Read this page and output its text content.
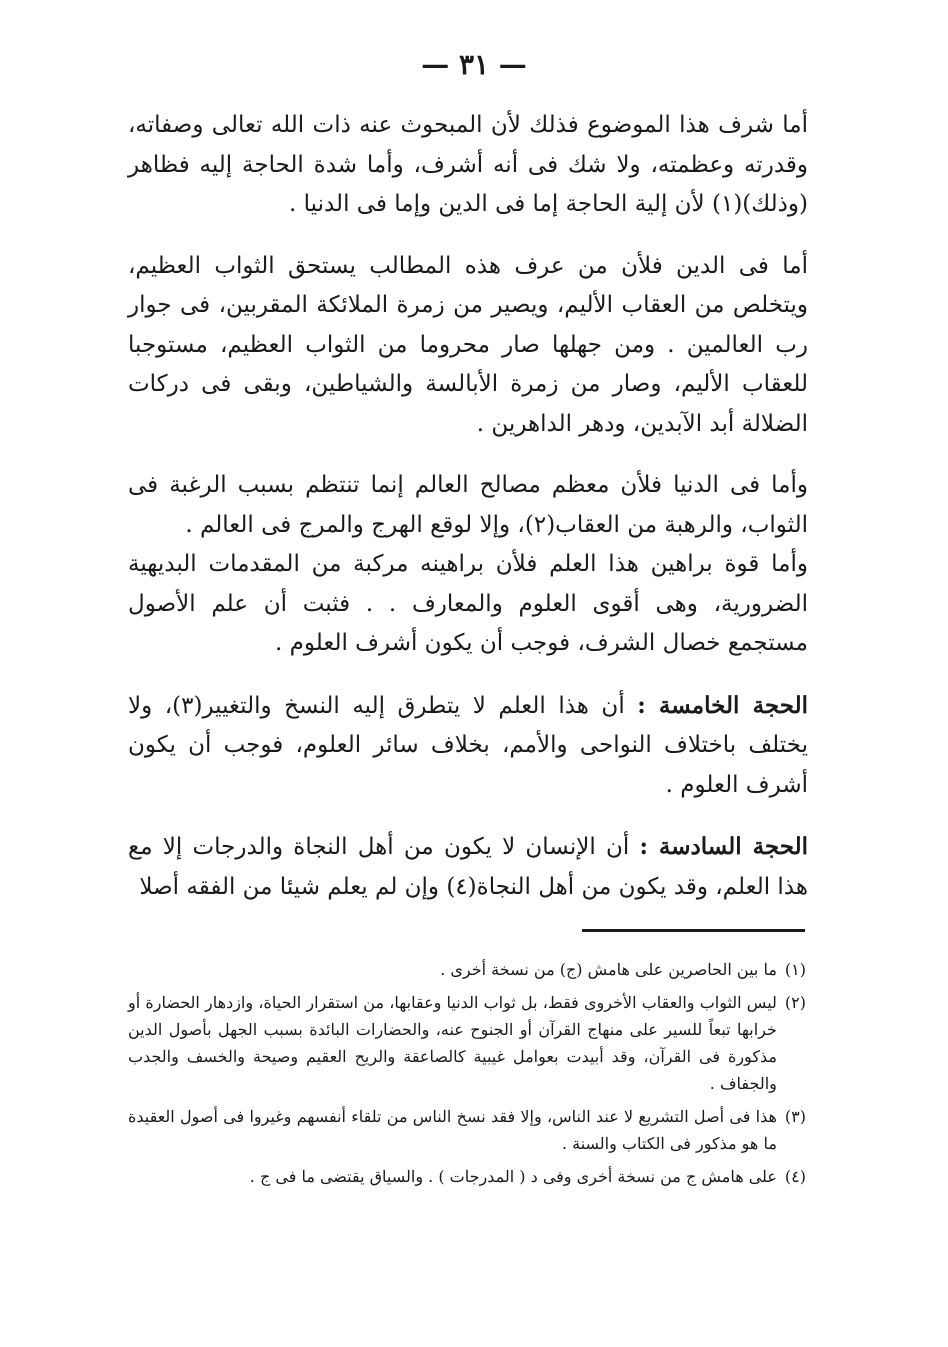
— ٣١ —

أما شرف هذا الموضوع فذلك لأن المبحوث عنه ذات الله تعالى وصفاته، وقدرته وعظمته، ولا شك فى أنه أشرف، وأما شدة الحاجة إليه فظاهر (وذلك)(١) لأن إلية الحاجة إما فى الدين وإما فى الدنيا .

أما فى الدين فلأن من عرف هذه المطالب يستحق الثواب العظيم، ويتخلص من العقاب الأليم، ويصير من زمرة الملائكة المقربين، فى جوار رب العالمين . ومن جهلها صار محروما من الثواب العظيم، مستوجبا للعقاب الأليم، وصار من زمرة الأبالسة والشياطين، وبقى فى دركات الضلالة أبد الآبدين، ودهر الداهرين .

وأما فى الدنيا فلأن معظم مصالح العالم إنما تنتظم بسبب الرغبة فى الثواب، والرهبة من العقاب(٢)، وإلا لوقع الهرج والمرج فى العالم .

وأما قوة براهين هذا العلم فلأن براهينه مركبة من المقدمات البديهية الضرورية، وهى أقوى العلوم والمعارف . . فثبت أن علم الأصول مستجمع خصال الشرف، فوجب أن يكون أشرف العلوم .

الحجة الخامسة : أن هذا العلم لا يتطرق إليه النسخ والتغيير(٣)، ولا يختلف باختلاف النواحى والأمم، بخلاف سائر العلوم، فوجب أن يكون أشرف العلوم .

الحجة السادسة : أن الإنسان لا يكون من أهل النجاة والدرجات إلا مع هذا العلم، وقد يكون من أهل النجاة(٤) وإن لم يعلم شيئا من الفقه أصلا

(١)
ما بين الحاصرين على هامش (ج) من نسخة أخرى .
(٢)
ليس الثواب والعقاب الأخروى فقط، بل ثواب الدنيا وعقابها، من استقرار الحياة، وازدهار الحضارة أو خرابها تبعاً للسير على منهاج القرآن أو الجنوح عنه، والحضارات البائدة بسبب الجهل بأصول الدين مذكورة فى القرآن، وقد أبيدت بعوامل غيبية كالصاعقة والريح العقيم وصيحة والخسف والجدب والجفاف .
(٣)
هذا فى أصل التشريع لا عند الناس، وإلا فقد نسخ الناس من تلقاء أنفسهم وغيروا فى أصول العقيدة ما هو مذكور فى الكتاب والسنة .
(٤)
على هامش ج من نسخة أخرى وفى د ( المدرجات ) . والسياق يقتضى ما فى ج .
